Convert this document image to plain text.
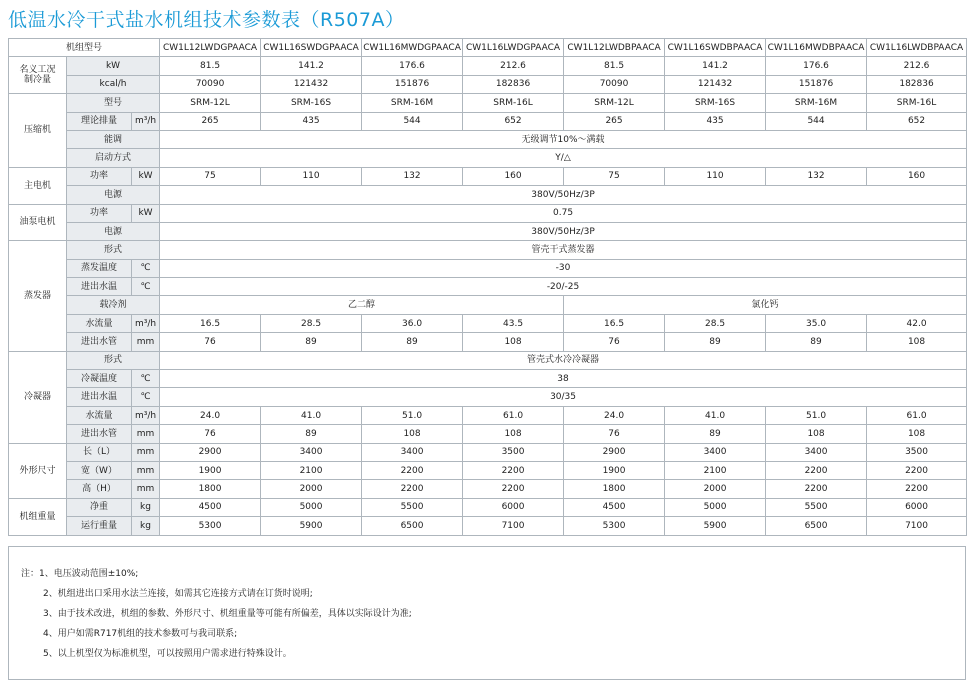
低温水冷干式盐水机组技术参数表（R507A）
机组型号			CW1L12LWDGPAACA	CW1L16SWDGPAACA	CW1L16MWDGPAACA	CW1L16LWDGPAACA	CW1L12LWDBPAACA	CW1L16SWDBPAACA	CW1L16MWDBPAACA	CW1L16LWDBPAACA
名义工况
制冷量	kW		81.5	141.2	176.6	212.6	81.5	141.2	176.6	212.6
	kcal/h		70090	121432	151876	182836	70090	121432	151876	182836
压缩机	型号		SRM-12L	SRM-16S	SRM-16M	SRM-16L	SRM-12L	SRM-16S	SRM-16M	SRM-16L
	理论排量	m³/h	265	435	544	652	265	435	544	652
	能调		无级调节10%～满载							
	启动方式		Y/△							
主电机	功率	kW	75	110	132	160	75	110	132	160
	电源		380V/50Hz/3P							
油泵电机	功率	kW	0.75							
	电源		380V/50Hz/3P							
蒸发器	形式		管壳干式蒸发器							
	蒸发温度	℃	-30							
	进出水温	℃	-20/-25							
	载冷剂		乙二醇				氯化钙			
	水流量	m³/h	16.5	28.5	36.0	43.5	16.5	28.5	35.0	42.0
	进出水管	mm	76	89	89	108	76	89	89	108
冷凝器	形式		管壳式水冷冷凝器							
	冷凝温度	℃	38							
	进出水温	℃	30/35							
	水流量	m³/h	24.0	41.0	51.0	61.0	24.0	41.0	51.0	61.0
	进出水管	mm	76	89	108	108	76	89	108	108
外形尺寸	长（L）	mm	2900	3400	3400	3500	2900	3400	3400	3500
	宽（W）	mm	1900	2100	2200	2200	1900	2100	2200	2200
	高（H）	mm	1800	2000	2200	2200	1800	2000	2200	2200
机组重量	净重	kg	4500	5000	5500	6000	4500	5000	5500	6000
	运行重量	kg	5300	5900	6500	7100	5300	5900	6500	7100
注：1、电压波动范围±10%;
2、机组进出口采用水法兰连接，如需其它连接方式请在订货时说明;
3、由于技术改进，机组的参数、外形尺寸、机组重量等可能有所偏差，具体以实际设计为准;
4、用户如需R717机组的技术参数可与我司联系;
5、以上机型仅为标准机型，可以按照用户需求进行特殊设计。
